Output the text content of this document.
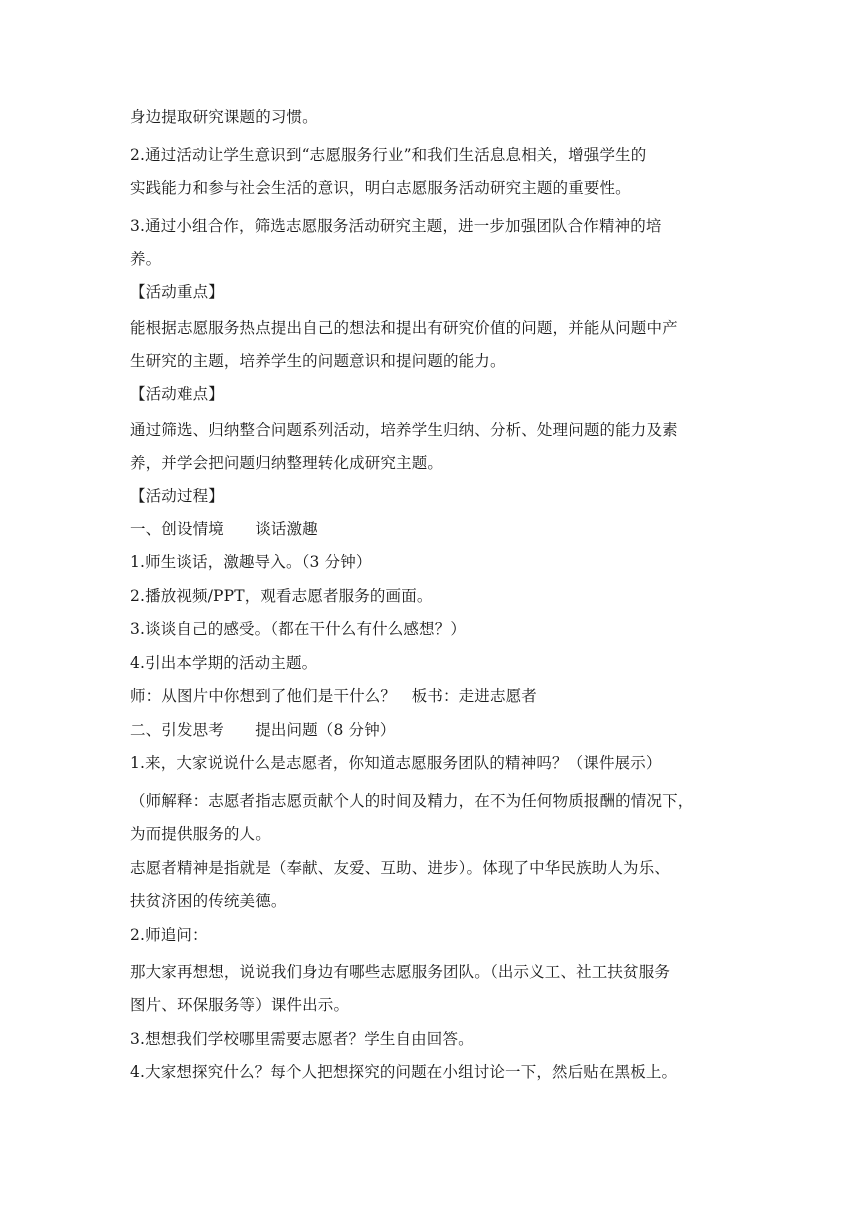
身边提取研究课题的习惯。
2.通过活动让学生意识到“志愿服务行业”和我们生活息息相关，增强学生的
实践能力和参与社会生活的意识，明白志愿服务活动研究主题的重要性。
3.通过小组合作，筛选志愿服务活动研究主题，进一步加强团队合作精神的培
养。
【活动重点】
能根据志愿服务热点提出自己的想法和提出有研究价值的问题，并能从问题中产
生研究的主题，培养学生的问题意识和提问题的能力。
【活动难点】
通过筛选、归纳整合问题系列活动，培养学生归纳、分析、处理问题的能力及素
养，并学会把问题归纳整理转化成研究主题。
【活动过程】
一、创设情境　　谈话激趣
1.师生谈话，激趣导入。（3 分钟）
2.播放视频/PPT，观看志愿者服务的画面。
3.谈谈自己的感受。（都在干什么有什么感想？）
4.引出本学期的活动主题。
师：从图片中你想到了他们是干什么？　板书：走进志愿者
二、引发思考　　提出问题（8 分钟）
1.来，大家说说什么是志愿者，你知道志愿服务团队的精神吗？（课件展示）
（师解释：志愿者指志愿贡献个人的时间及精力，在不为任何物质报酬的情况下，
为而提供服务的人。
志愿者精神是指就是（奉献、友爱、互助、进步）。体现了中华民族助人为乐、
扶贫济困的传统美德。
2.师追问：
那大家再想想，说说我们身边有哪些志愿服务团队。（出示义工、社工扶贫服务
图片、环保服务等）课件出示。
3.想想我们学校哪里需要志愿者？学生自由回答。
4.大家想探究什么？每个人把想探究的问题在小组讨论一下，然后贴在黑板上。
